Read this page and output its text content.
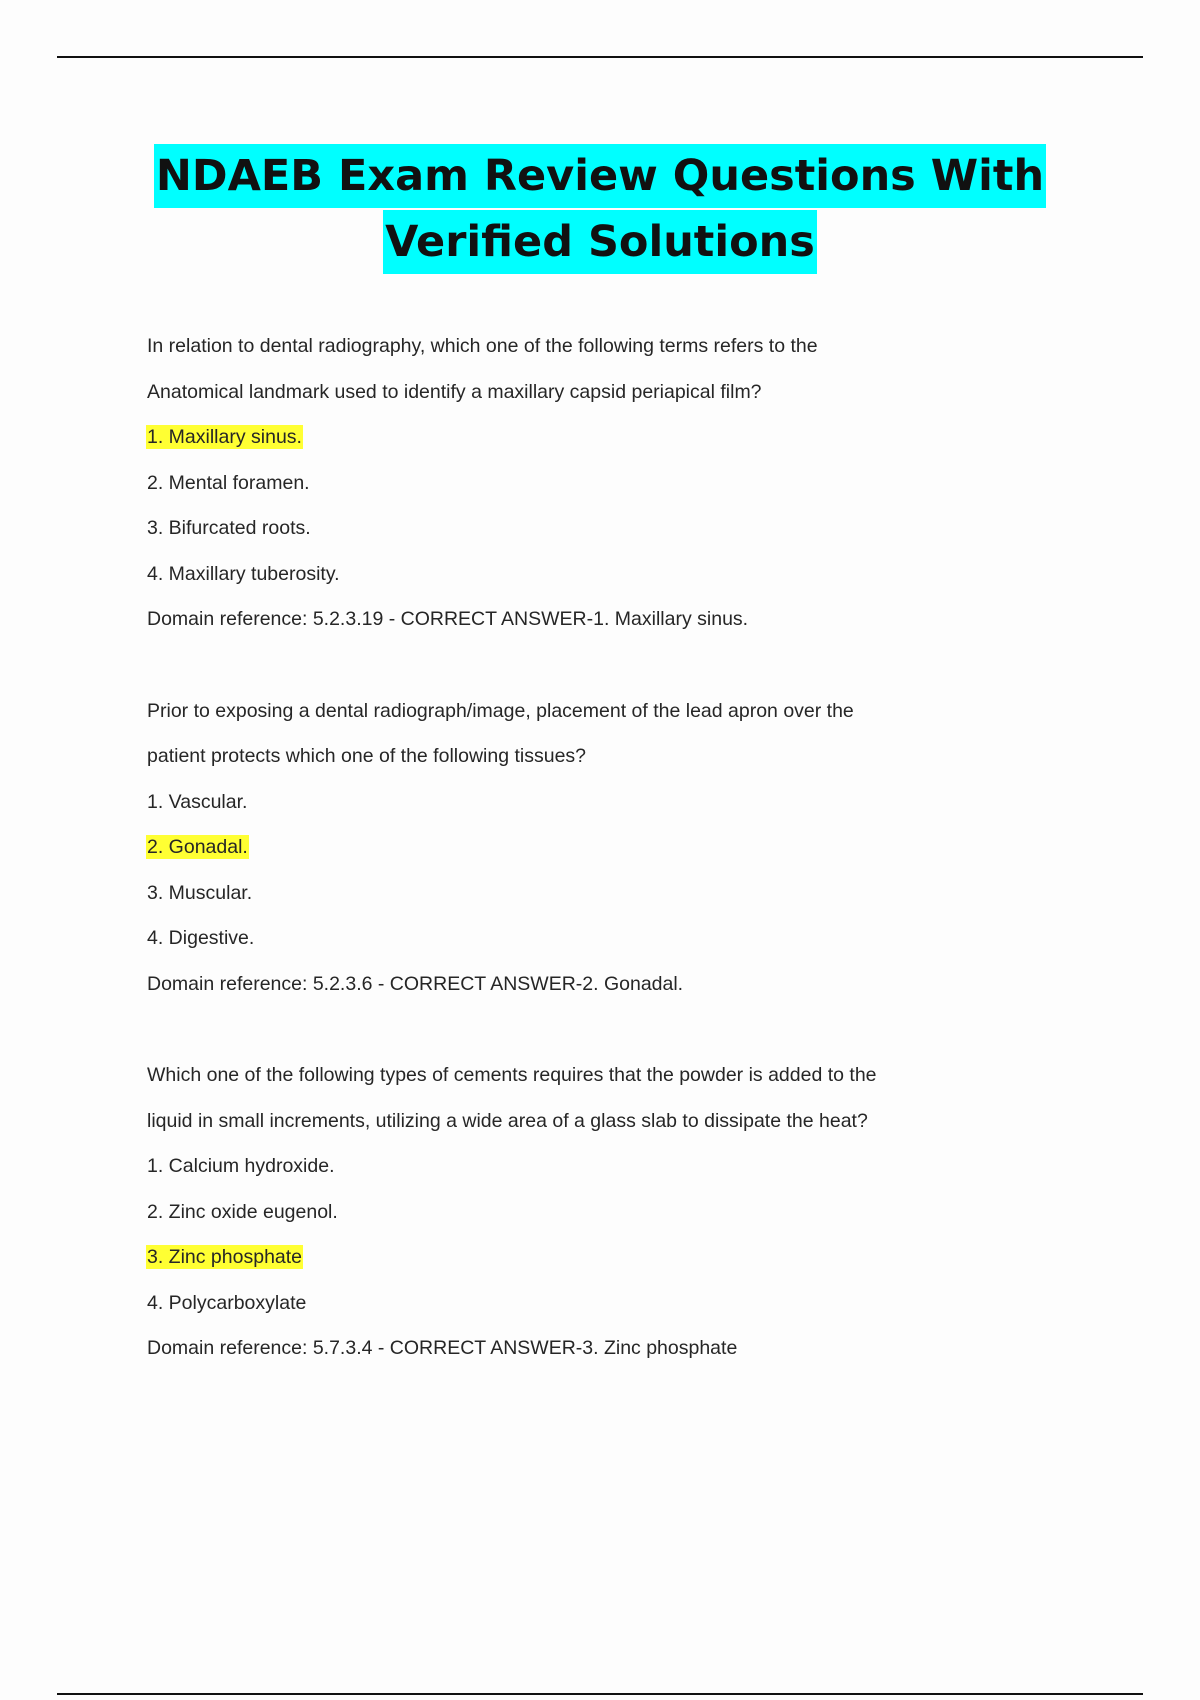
NDAEB Exam Review Questions With
Verified Solutions
In relation to dental radiography, which one of the following terms refers to the
Anatomical landmark used to identify a maxillary capsid periapical film?
1. Maxillary sinus.
2. Mental foramen.
3. Bifurcated roots.
4. Maxillary tuberosity.
Domain reference: 5.2.3.19 - CORRECT ANSWER-1. Maxillary sinus.
Prior to exposing a dental radiograph/image, placement of the lead apron over the
patient protects which one of the following tissues?
1. Vascular.
2. Gonadal.
3. Muscular.
4. Digestive.
Domain reference: 5.2.3.6 - CORRECT ANSWER-2. Gonadal.
Which one of the following types of cements requires that the powder is added to the
liquid in small increments, utilizing a wide area of a glass slab to dissipate the heat?
1. Calcium hydroxide.
2. Zinc oxide eugenol.
3. Zinc phosphate
4. Polycarboxylate
Domain reference: 5.7.3.4 - CORRECT ANSWER-3. Zinc phosphate
